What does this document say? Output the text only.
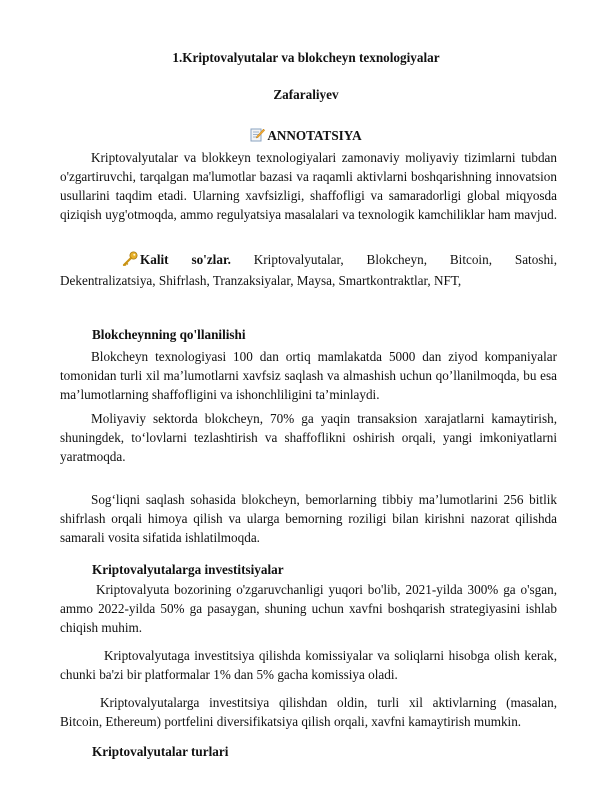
1.Kriptovalyutalar va blokcheyn texnologiyalar
Zafaraliyev
ANNOTATSIYA
Kriptovalyutalar va blokkeyn texnologiyalari zamonaviy moliyaviy tizimlarni tubdan o'zgartiruvchi, tarqalgan ma'lumotlar bazasi va raqamli aktivlarni boshqarishning innovatsion usullarini taqdim etadi. Ularning xavfsizligi, shaffofligi va samaradorligi global miqyosda qiziqish uyg'otmoqda, ammo regulyatsiya masalalari va texnologik kamchiliklar ham mavjud.
Kalit so'zlar. Kriptovalyutalar, Blokcheyn, Bitcoin, Satoshi, Dekentralizatsiya, Shifrlash, Tranzaksiyalar, Maysa, Smartkontraktlar, NFT,
Blokcheynning qo'llanilishi
Blokcheyn texnologiyasi 100 dan ortiq mamlakatda 5000 dan ziyod kompaniyalar tomonidan turli xil ma’lumotlarni xavfsiz saqlash va almashish uchun qo’llanilmoqda, bu esa ma’lumotlarning shaffofligini va ishonchliligini ta’minlaydi.
Moliyaviy sektorda blokcheyn, 70% ga yaqin transaksion xarajatlarni kamaytirish, shuningdek, to‘lovlarni tezlashtirish va shaffoflikni oshirish orqali, yangi imkoniyatlarni yaratmoqda.
Sog‘liqni saqlash sohasida blokcheyn, bemorlarning tibbiy ma’lumotlarini 256 bitlik shifrlash orqali himoya qilish va ularga bemorning roziligi bilan kirishni nazorat qilishda samarali vosita sifatida ishlatilmoqda.
Kriptovalyutalarga investitsiyalar
Kriptovalyuta bozorining o'zgaruvchanligi yuqori bo'lib, 2021-yilda 300% ga o'sgan, ammo 2022-yilda 50% ga pasaygan, shuning uchun xavfni boshqarish strategiyasini ishlab chiqish muhim.
Kriptovalyutaga investitsiya qilishda komissiyalar va soliqlarni hisobga olish kerak, chunki ba'zi bir platformalar 1% dan 5% gacha komissiya oladi.
Kriptovalyutalarga investitsiya qilishdan oldin, turli xil aktivlarning (masalan, Bitcoin, Ethereum) portfelini diversifikatsiya qilish orqali, xavfni kamaytirish mumkin.
Kriptovalyutalar turlari
